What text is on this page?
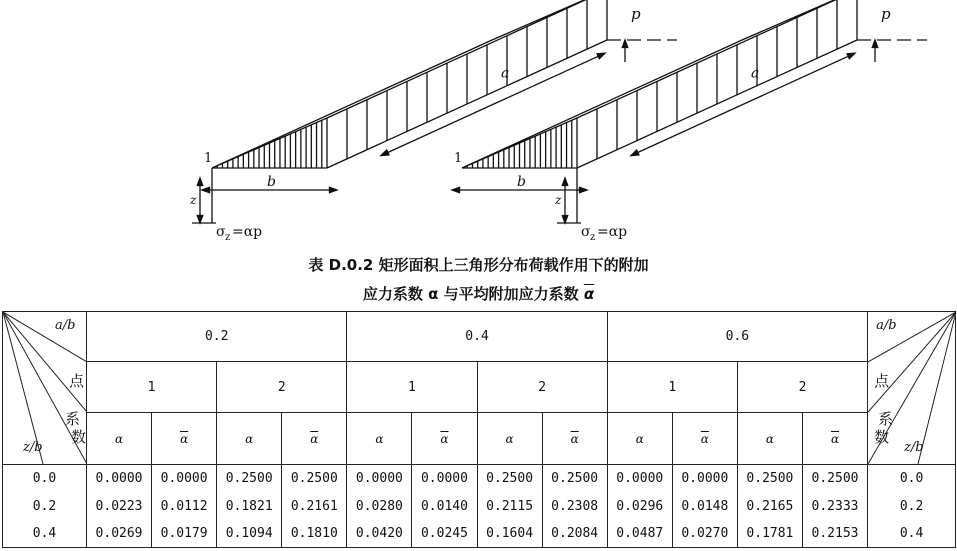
p
a
b
z
1
σ z =αp
p
a
b
z
1
σ z =αp
表 D.0.2 矩形面积上三角形分布荷载作用下的附加
应力系数 α 与平均附加应力系数 $\overline{\alpha}$
a/b
点
系
数
z/b	0.2				0.4				0.6				a/b
点
系
数
z/b

	1		2		1		2		1		2		
	α	$\overline{\alpha}$	α	$\overline{\alpha}$	α	$\overline{\alpha}$	α	$\overline{\alpha}$	α	$\overline{\alpha}$	α	$\overline{\alpha}$
0.0	0.0000	0.0000	0.2500	0.2500	0.0000	0.0000	0.2500	0.2500	0.0000	0.0000	0.2500	0.2500	0.0
0.2	0.0223	0.0112	0.1821	0.2161	0.0280	0.0140	0.2115	0.2308	0.0296	0.0148	0.2165	0.2333	0.2
0.4	0.0269	0.0179	0.1094	0.1810	0.0420	0.0245	0.1604	0.2084	0.0487	0.0270	0.1781	0.2153	0.4
